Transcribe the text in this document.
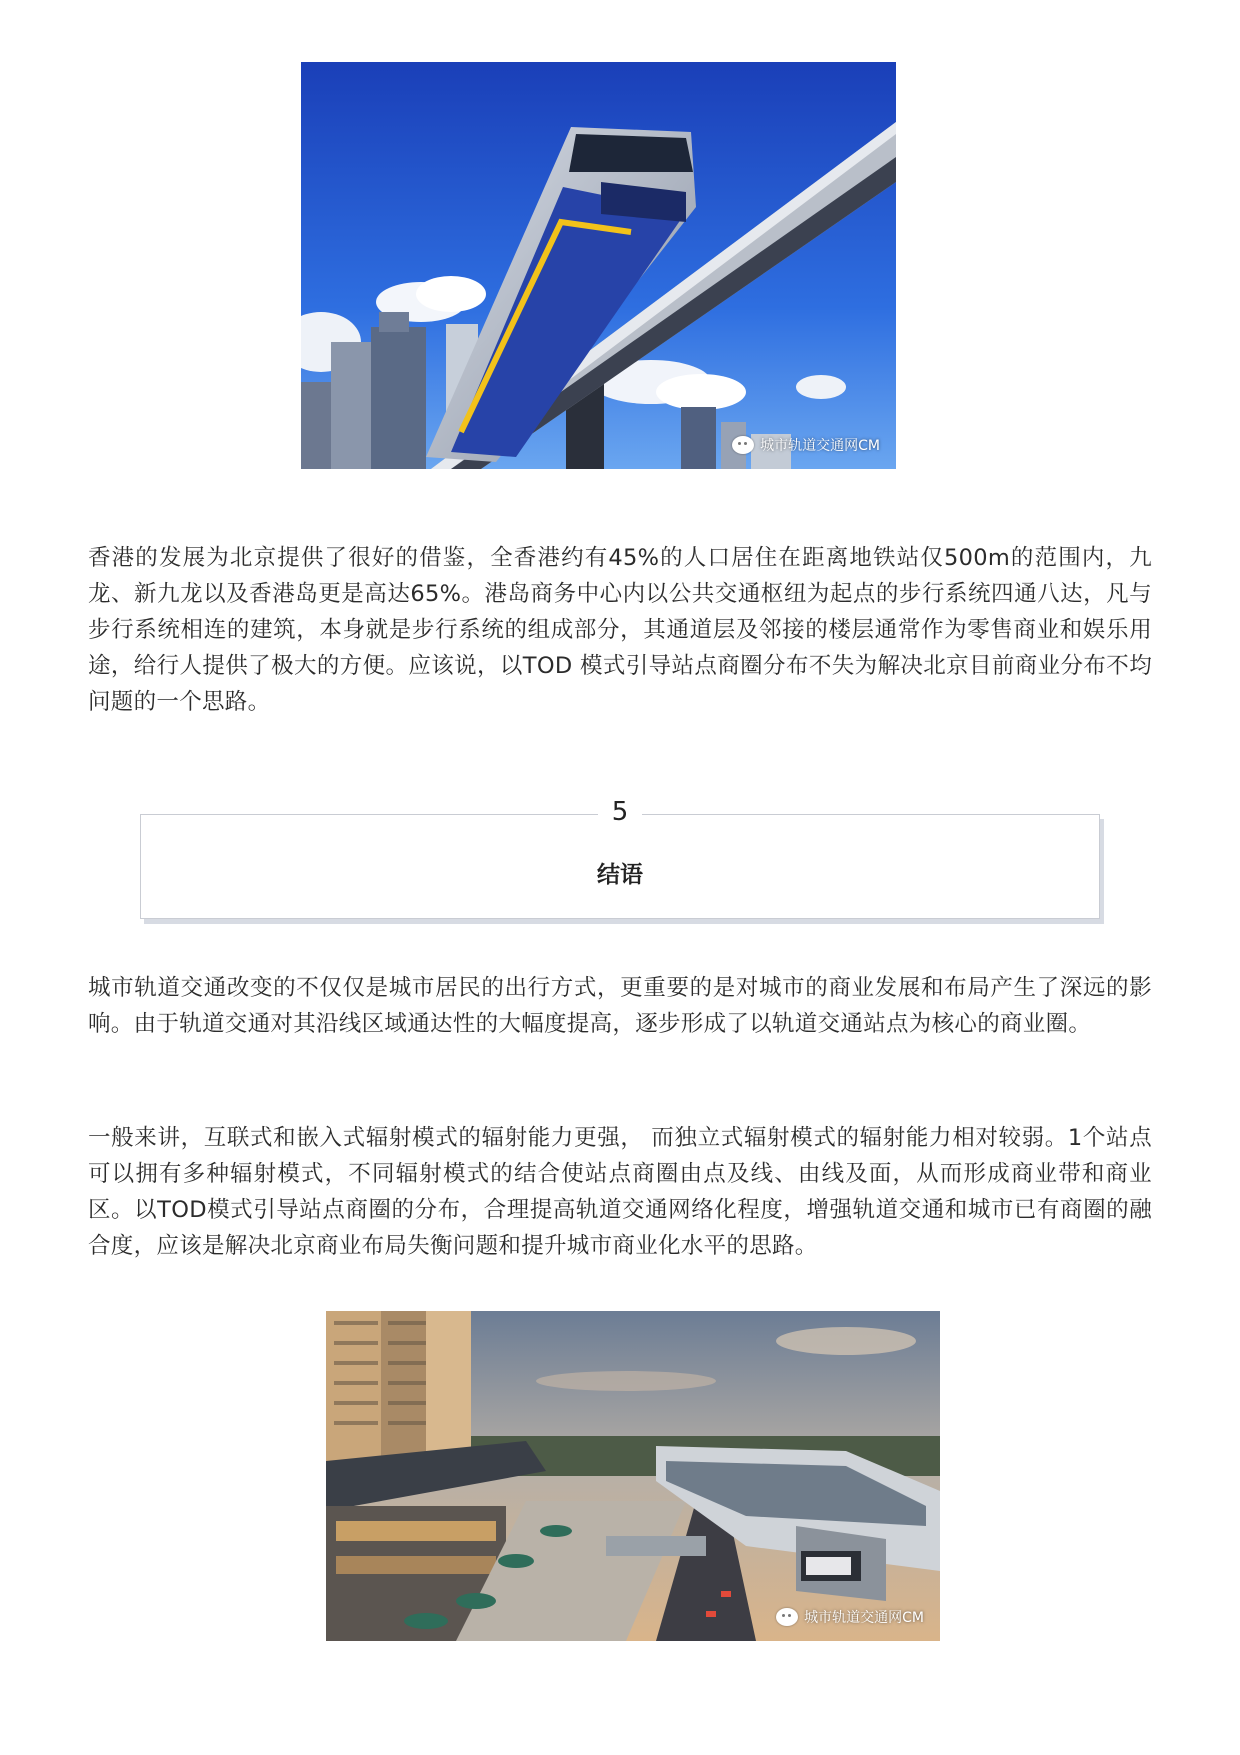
城市轨道交通网CM

香港的发展为北京提供了很好的借鉴，全香港约有45%的人口居住在距离地铁站仅500m的范围内，九龙、新九龙以及香港岛更是高达65%。港岛商务中心内以公共交通枢纽为起点的步行系统四通八达，凡与步行系统相连的建筑，本身就是步行系统的组成部分，其通道层及邻接的楼层通常作为零售商业和娱乐用途，给行人提供了极大的方便。应该说，以TOD 模式引导站点商圈分布不失为解决北京目前商业分布不均问题的一个思路。

5
结语

城市轨道交通改变的不仅仅是城市居民的出行方式，更重要的是对城市的商业发展和布局产生了深远的影响。由于轨道交通对其沿线区域通达性的大幅度提高，逐步形成了以轨道交通站点为核心的商业圈。

一般来讲，互联式和嵌入式辐射模式的辐射能力更强， 而独立式辐射模式的辐射能力相对较弱。1个站点可以拥有多种辐射模式，不同辐射模式的结合使站点商圈由点及线、由线及面，从而形成商业带和商业区。以TOD模式引导站点商圈的分布，合理提高轨道交通网络化程度，增强轨道交通和城市已有商圈的融合度，应该是解决北京商业布局失衡问题和提升城市商业化水平的思路。

城市轨道交通网CM
